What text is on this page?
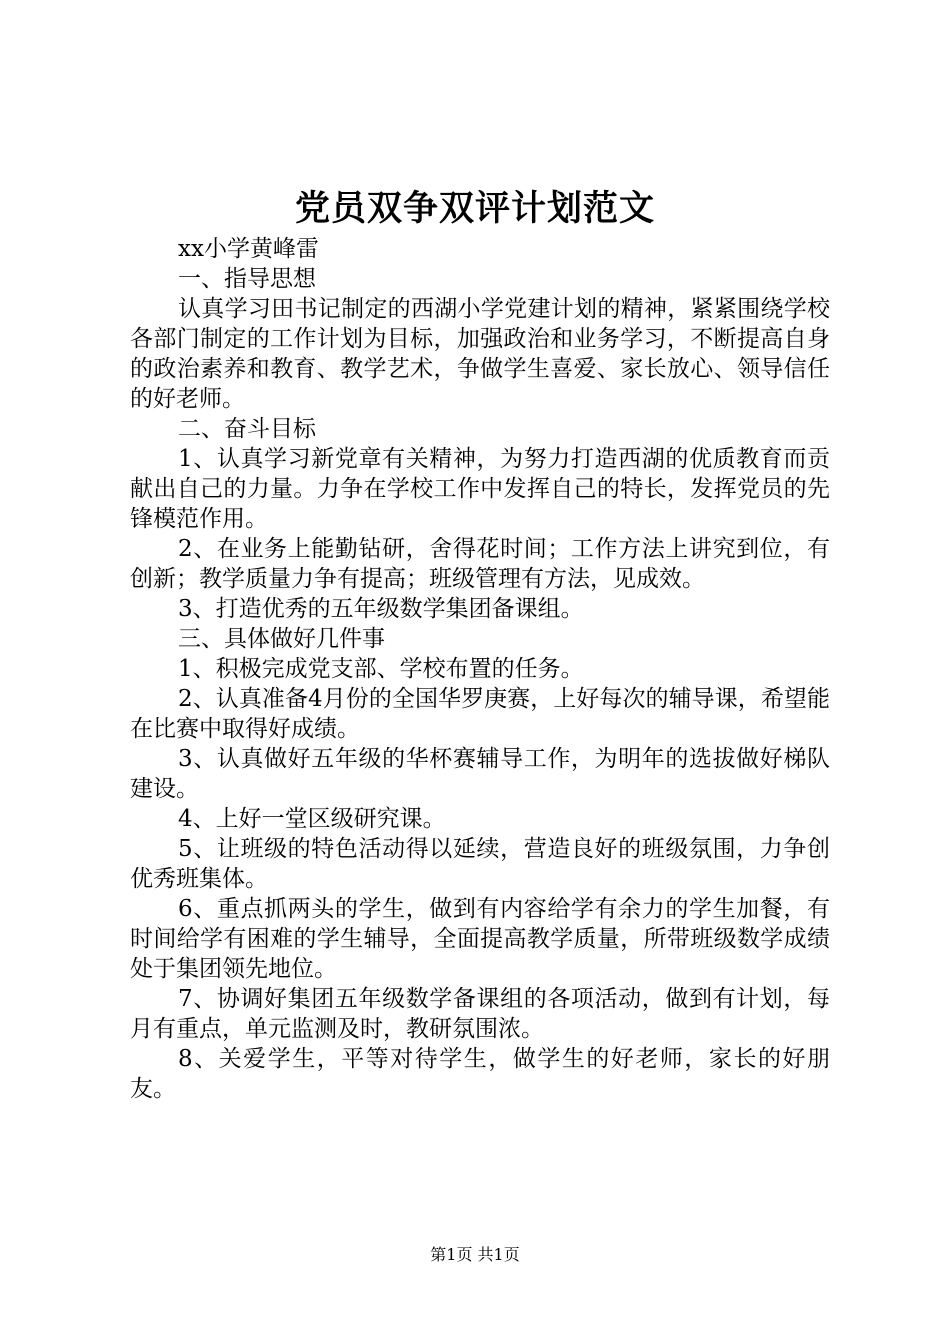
党员双争双评计划范文

xx小学黄峰雷

一、指导思想

认真学习田书记制定的西湖小学党建计划的精神，紧紧围绕学校各部门制定的工作计划为目标，加强政治和业务学习，不断提高自身的政治素养和教育、教学艺术，争做学生喜爱、家长放心、领导信任的好老师。

二、奋斗目标

1、认真学习新党章有关精神，为努力打造西湖的优质教育而贡献出自己的力量。力争在学校工作中发挥自己的特长，发挥党员的先锋模范作用。

2、在业务上能勤钻研，舍得花时间；工作方法上讲究到位，有创新；教学质量力争有提高；班级管理有方法，见成效。

3、打造优秀的五年级数学集团备课组。

三、具体做好几件事

1、积极完成党支部、学校布置的任务。

2、认真准备4月份的全国华罗庚赛，上好每次的辅导课，希望能在比赛中取得好成绩。

3、认真做好五年级的华杯赛辅导工作，为明年的选拔做好梯队建设。

4、上好一堂区级研究课。

5、让班级的特色活动得以延续，营造良好的班级氛围，力争创优秀班集体。

6、重点抓两头的学生，做到有内容给学有余力的学生加餐，有时间给学有困难的学生辅导，全面提高教学质量，所带班级数学成绩处于集团领先地位。

7、协调好集团五年级数学备课组的各项活动，做到有计划，每月有重点，单元监测及时，教研氛围浓。

8、关爱学生，平等对待学生，做学生的好老师，家长的好朋友。

第1页 共1页
